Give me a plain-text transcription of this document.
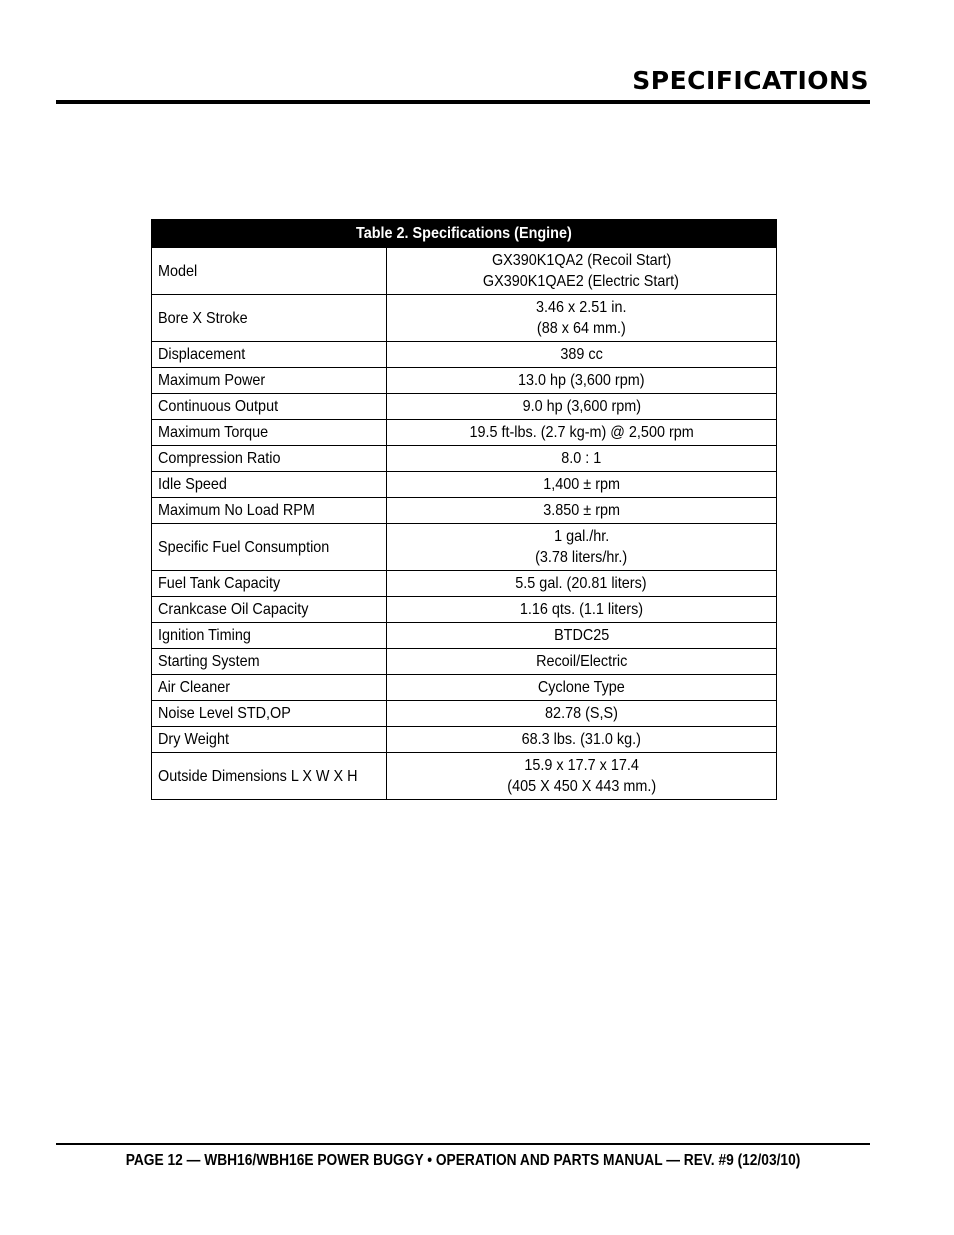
SPECIFICATIONS
Table 2. Specifications (Engine)	
Model	GX390K1QA2 (Recoil Start)
GX390K1QAE2 (Electric Start)

Bore X Stroke	3.46 x 2.51 in.
(88 x 64 mm.)

Displacement	389 cc

Maximum Power	13.0 hp (3,600 rpm)

Continuous Output	9.0 hp (3,600 rpm)

Maximum Torque	19.5 ft-lbs. (2.7 kg-m) @ 2,500 rpm

Compression Ratio	8.0 : 1

Idle Speed	1,400 ± rpm

Maximum No Load RPM	3.850 ± rpm

Specific Fuel Consumption	1 gal./hr.
(3.78 liters/hr.)

Fuel Tank Capacity	5.5 gal. (20.81 liters)

Crankcase Oil Capacity	1.16 qts. (1.1 liters)

Ignition Timing	BTDC25

Starting System	Recoil/Electric

Air Cleaner	Cyclone Type

Noise Level STD,OP	82.78 (S,S)

Dry Weight	68.3 lbs. (31.0 kg.)

Outside Dimensions L X W X H	15.9 x 17.7 x 17.4
(405 X 450 X 443 mm.)
PAGE 12 — WBH16/WBH16E POWER BUGGY • OPERATION AND PARTS MANUAL — REV. #9 (12/03/10)
